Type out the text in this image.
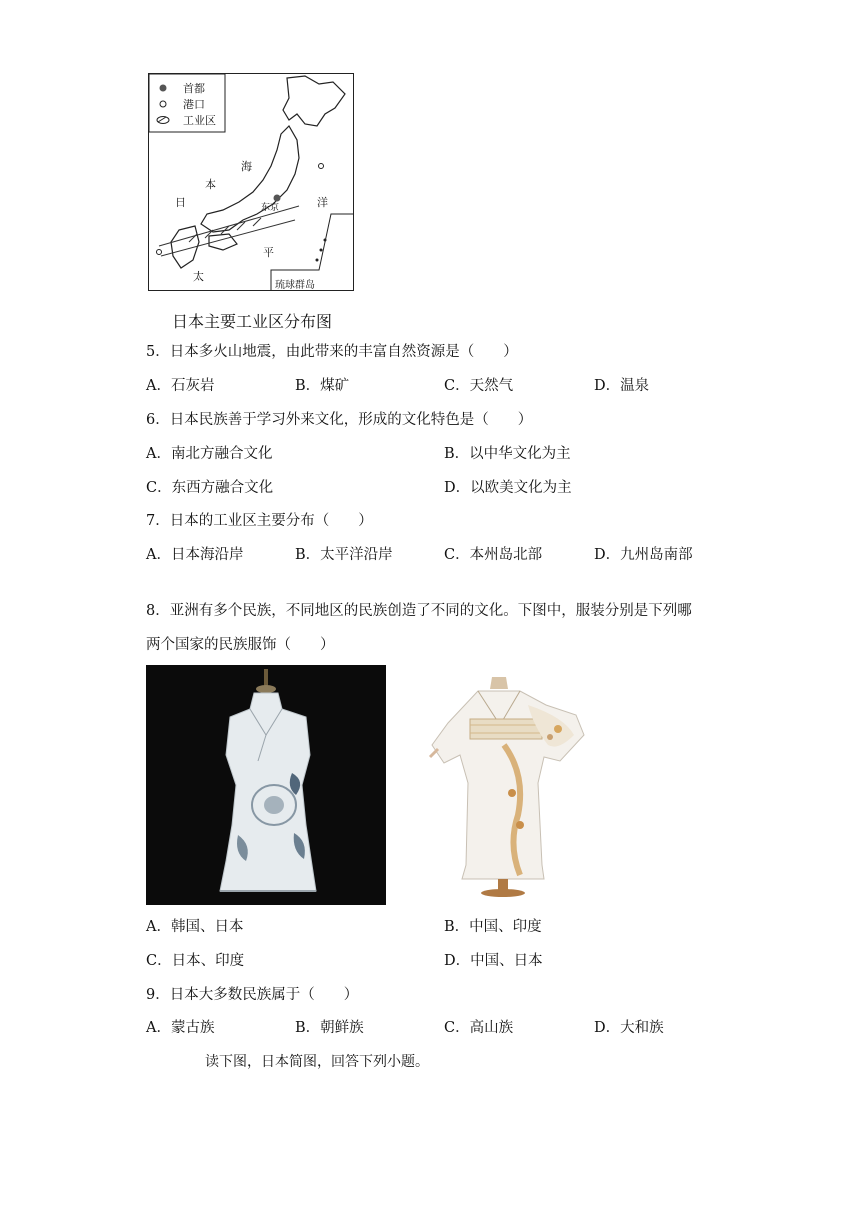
首都
港口
工业区
海
本
日	洋
平
太
东京
琉球群岛
日本主要工业区分布图
5．日本多火山地震，由此带来的丰富自然资源是（　　）
A．石灰岩	B．煤矿	C．天然气	D．温泉
6．日本民族善于学习外来文化，形成的文化特色是（　　）
A．南北方融合文化	B．以中华文化为主
C．东西方融合文化	D．以欧美文化为主
7．日本的工业区主要分布（　　）
A．日本海沿岸	B．太平洋沿岸	C．本州岛北部	D．九州岛南部
8．亚洲有多个民族，不同地区的民族创造了不同的文化。下图中，服装分别是下列哪
两个国家的民族服饰（　　）
A．韩国、日本	B．中国、印度
C．日本、印度	D．中国、日本
9．日本大多数民族属于（　　）
A．蒙古族	B．朝鲜族	C．高山族	D．大和族
读下图，日本简图，回答下列小题。
